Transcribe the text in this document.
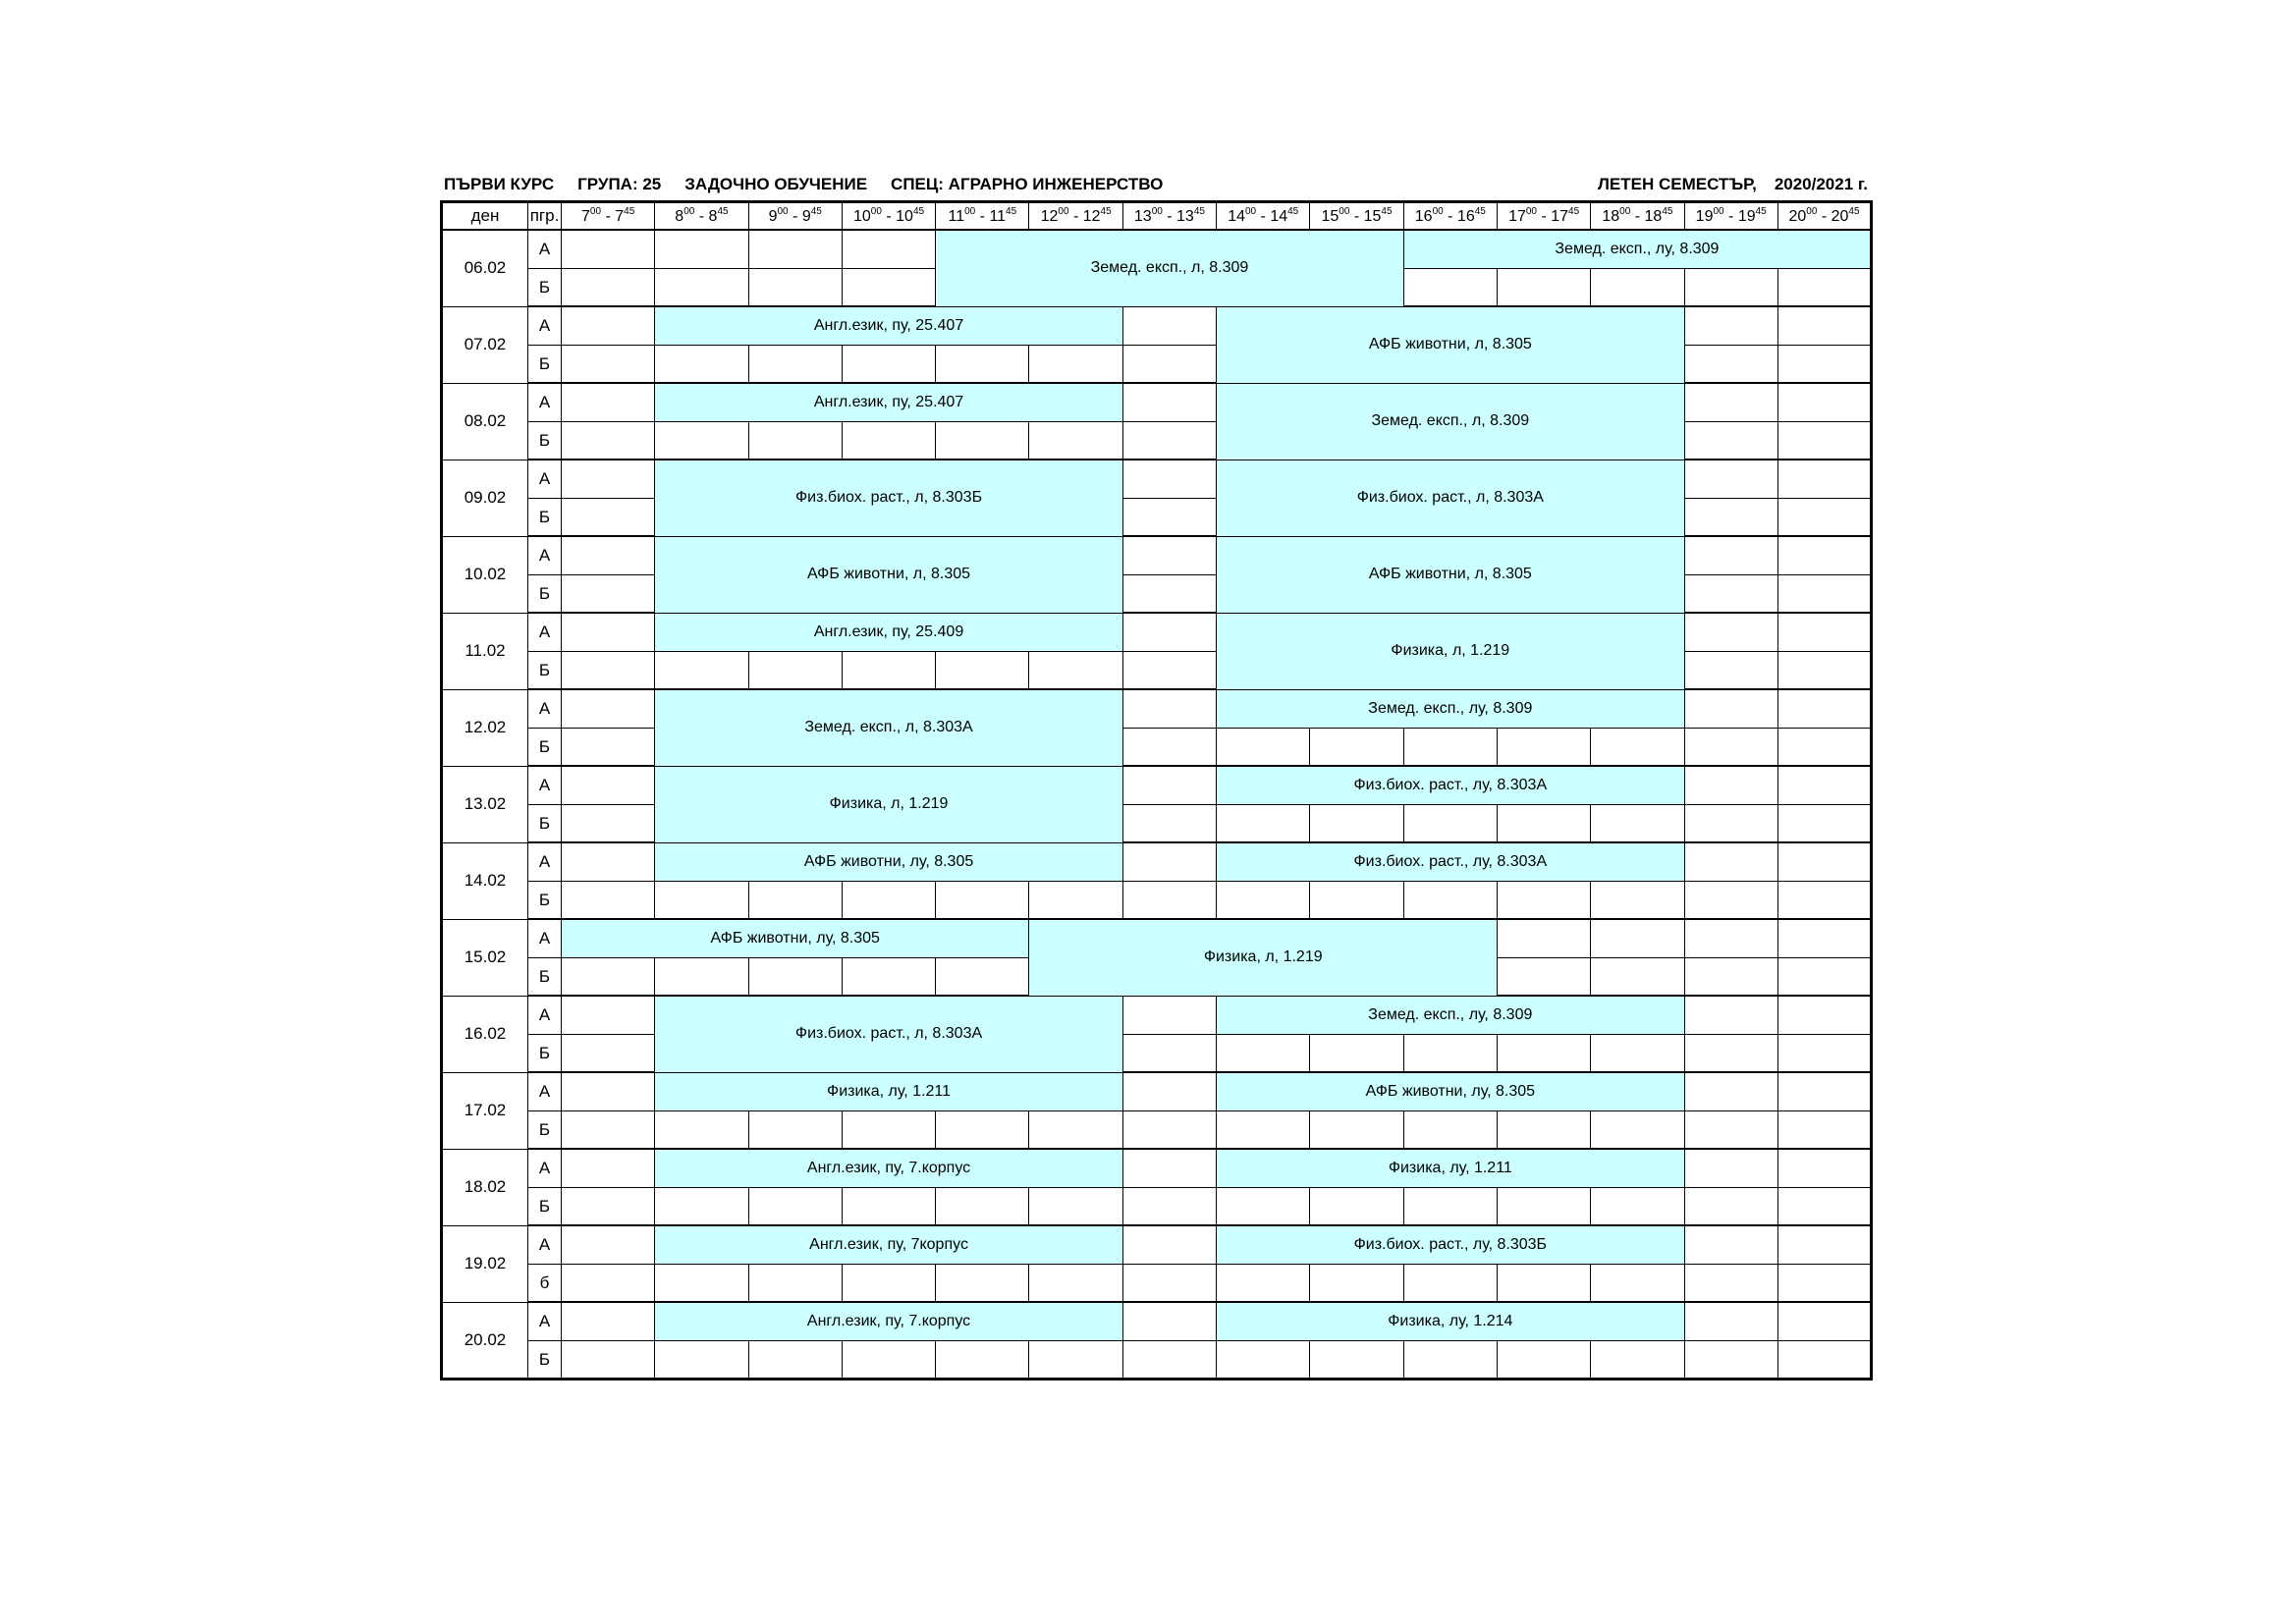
ПЪРВИ КУРС ГРУПА: 25 ЗАДОЧНО ОБУЧЕНИЕ СПЕЦ: АГРАРНО ИНЖЕНЕРСТВО	ЛЕТЕН СЕМЕСТЪР, 2020/2021 г.
ден	пгр.	$7^{00} - 7^{45}$	$8^{00} - 8^{45}$	$9^{00} - 9^{45}$	$10^{00} - 10^{45}$	$11^{00} - 11^{45}$	$12^{00} - 12^{45}$	$13^{00} - 13^{45}$	$14^{00} - 14^{45}$	$15^{00} - 15^{45}$	$16^{00} - 16^{45}$	$17^{00} - 17^{45}$	$18^{00} - 18^{45}$	$19^{00} - 19^{45}$	$20^{00} - 20^{45}$
06.02	А					Земед. експ., л, 8.309					Земед. експ., лу, 8.309				
	Б														
07.02	А		Англ.език, пу, 25.407						АФБ животни, л, 8.305						
	Б														
08.02	А		Англ.език, пу, 25.407						Земед. експ., л, 8.309						
	Б														
09.02	А		Физ.биох. раст., л, 8.303Б						Физ.биох. раст., л, 8.303А						
	Б														
10.02	А		АФБ животни, л, 8.305						АФБ животни, л, 8.305						
	Б														
11.02	А		Англ.език, пу, 25.409						Физика, л, 1.219						
	Б														
12.02	А		Земед. експ., л, 8.303А						Земед. експ., лу, 8.309						
	Б														
13.02	А		Физика, л, 1.219						Физ.биох. раст., лу, 8.303А						
	Б														
14.02	А		АФБ животни, лу, 8.305						Физ.биох. раст., лу, 8.303А						
	Б														
15.02	А	АФБ животни, лу, 8.305					Физика, л, 1.219								
	Б														
16.02	А		Физ.биох. раст., л, 8.303А						Земед. експ., лу, 8.309						
	Б														
17.02	А		Физика, лу, 1.211						АФБ животни, лу, 8.305						
	Б														
18.02	А		Англ.език, пу, 7.корпус						Физика, лу, 1.211						
	Б														
19.02	А		Англ.език, пу, 7корпус						Физ.биох. раст., лу, 8.303Б						
	б														
20.02	А		Англ.език, пу, 7.корпус						Физика, лу, 1.214						
	Б														
